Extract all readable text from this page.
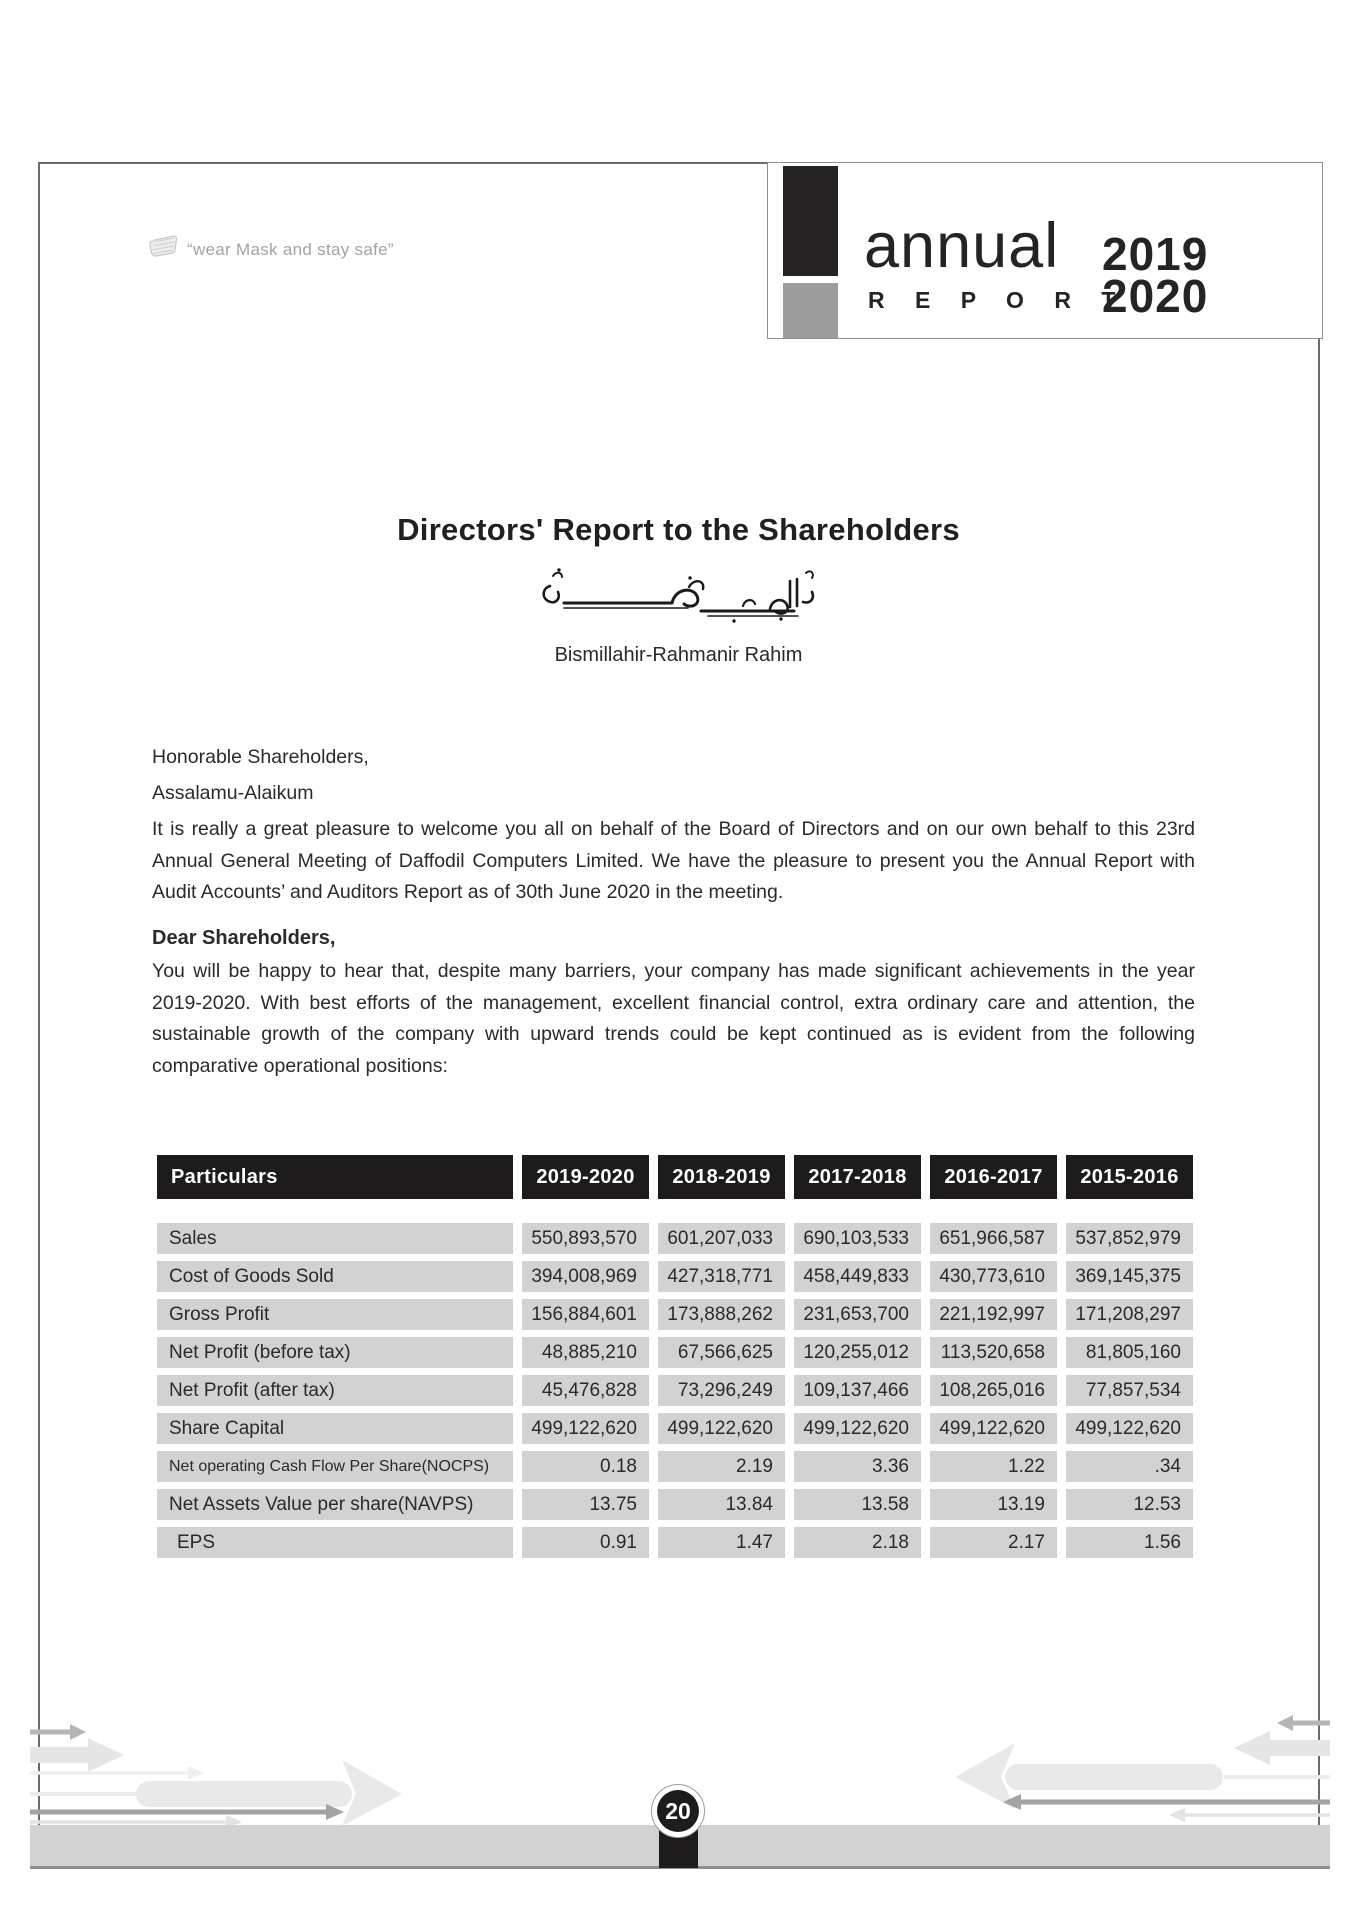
annual
R E P O R T
2019
2020
“wear Mask and stay safe”
Directors' Report to the Shareholders
Bismillahir-Rahmanir Rahim
Honorable Shareholders,
Assalamu-Alaikum
It is really a great pleasure to welcome you all on behalf of the Board of Directors and on our own behalf to this 23rd Annual General Meeting of Daffodil Computers Limited. We have the pleasure to present you the Annual Report with Audit Accounts’ and Auditors Report as of 30th June 2020 in the meeting.
Dear Shareholders,
You will be happy to hear that, despite many barriers, your company has made significant achievements in the year 2019-2020. With best efforts of the management, excellent financial control, extra ordinary care and attention, the sustainable growth of the company with upward trends could be kept continued as is evident from the following comparative operational positions:
Particulars	2019-2020	2018-2019	2017-2018	2016-2017	2015-2016
Sales	550,893,570	601,207,033	690,103,533	651,966,587	537,852,979
Cost of Goods Sold	394,008,969	427,318,771	458,449,833	430,773,610	369,145,375
Gross Profit	156,884,601	173,888,262	231,653,700	221,192,997	171,208,297
Net Profit (before tax)	48,885,210	67,566,625	120,255,012	113,520,658	81,805,160
Net Profit (after tax)	45,476,828	73,296,249	109,137,466	108,265,016	77,857,534
Share Capital	499,122,620	499,122,620	499,122,620	499,122,620	499,122,620
Net operating Cash Flow Per Share(NOCPS)	0.18	2.19	3.36	1.22	.34
Net Assets Value per share(NAVPS)	13.75	13.84	13.58	13.19	12.53
EPS	0.91	1.47	2.18	2.17	1.56
20
